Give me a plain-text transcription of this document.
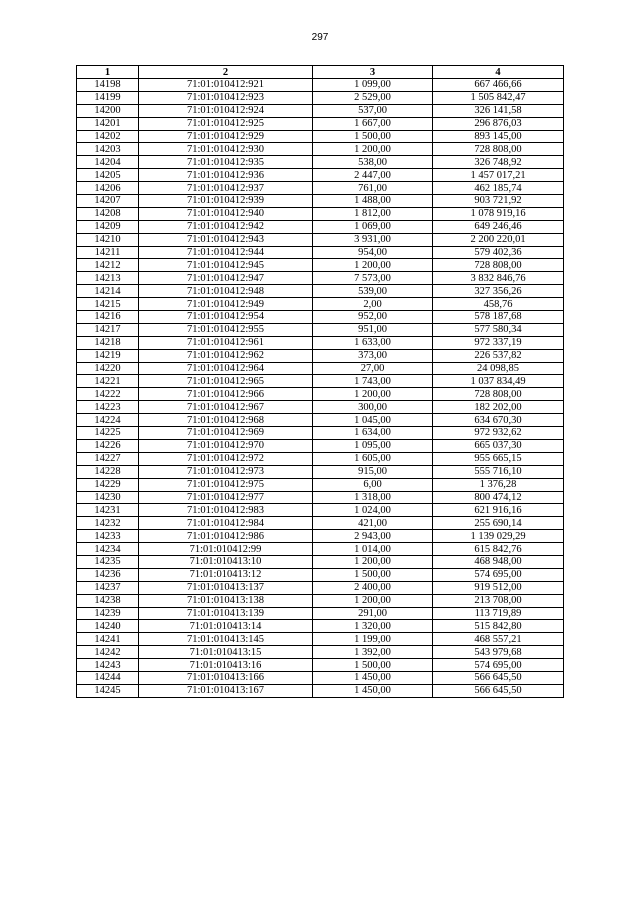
297
1	2	3	4
14198	71:01:010412:921	1 099,00	667 466,66
14199	71:01:010412:923	2 529,00	1 505 842,47
14200	71:01:010412:924	537,00	326 141,58
14201	71:01:010412:925	1 667,00	296 876,03
14202	71:01:010412:929	1 500,00	893 145,00
14203	71:01:010412:930	1 200,00	728 808,00
14204	71:01:010412:935	538,00	326 748,92
14205	71:01:010412:936	2 447,00	1 457 017,21
14206	71:01:010412:937	761,00	462 185,74
14207	71:01:010412:939	1 488,00	903 721,92
14208	71:01:010412:940	1 812,00	1 078 919,16
14209	71:01:010412:942	1 069,00	649 246,46
14210	71:01:010412:943	3 931,00	2 200 220,01
14211	71:01:010412:944	954,00	579 402,36
14212	71:01:010412:945	1 200,00	728 808,00
14213	71:01:010412:947	7 573,00	3 832 846,76
14214	71:01:010412:948	539,00	327 356,26
14215	71:01:010412:949	2,00	458,76
14216	71:01:010412:954	952,00	578 187,68
14217	71:01:010412:955	951,00	577 580,34
14218	71:01:010412:961	1 633,00	972 337,19
14219	71:01:010412:962	373,00	226 537,82
14220	71:01:010412:964	27,00	24 098,85
14221	71:01:010412:965	1 743,00	1 037 834,49
14222	71:01:010412:966	1 200,00	728 808,00
14223	71:01:010412:967	300,00	182 202,00
14224	71:01:010412:968	1 045,00	634 670,30
14225	71:01:010412:969	1 634,00	972 932,62
14226	71:01:010412:970	1 095,00	665 037,30
14227	71:01:010412:972	1 605,00	955 665,15
14228	71:01:010412:973	915,00	555 716,10
14229	71:01:010412:975	6,00	1 376,28
14230	71:01:010412:977	1 318,00	800 474,12
14231	71:01:010412:983	1 024,00	621 916,16
14232	71:01:010412:984	421,00	255 690,14
14233	71:01:010412:986	2 943,00	1 139 029,29
14234	71:01:010412:99	1 014,00	615 842,76
14235	71:01:010413:10	1 200,00	468 948,00
14236	71:01:010413:12	1 500,00	574 695,00
14237	71:01:010413:137	2 400,00	919 512,00
14238	71:01:010413:138	1 200,00	213 708,00
14239	71:01:010413:139	291,00	113 719,89
14240	71:01:010413:14	1 320,00	515 842,80
14241	71:01:010413:145	1 199,00	468 557,21
14242	71:01:010413:15	1 392,00	543 979,68
14243	71:01:010413:16	1 500,00	574 695,00
14244	71:01:010413:166	1 450,00	566 645,50
14245	71:01:010413:167	1 450,00	566 645,50
